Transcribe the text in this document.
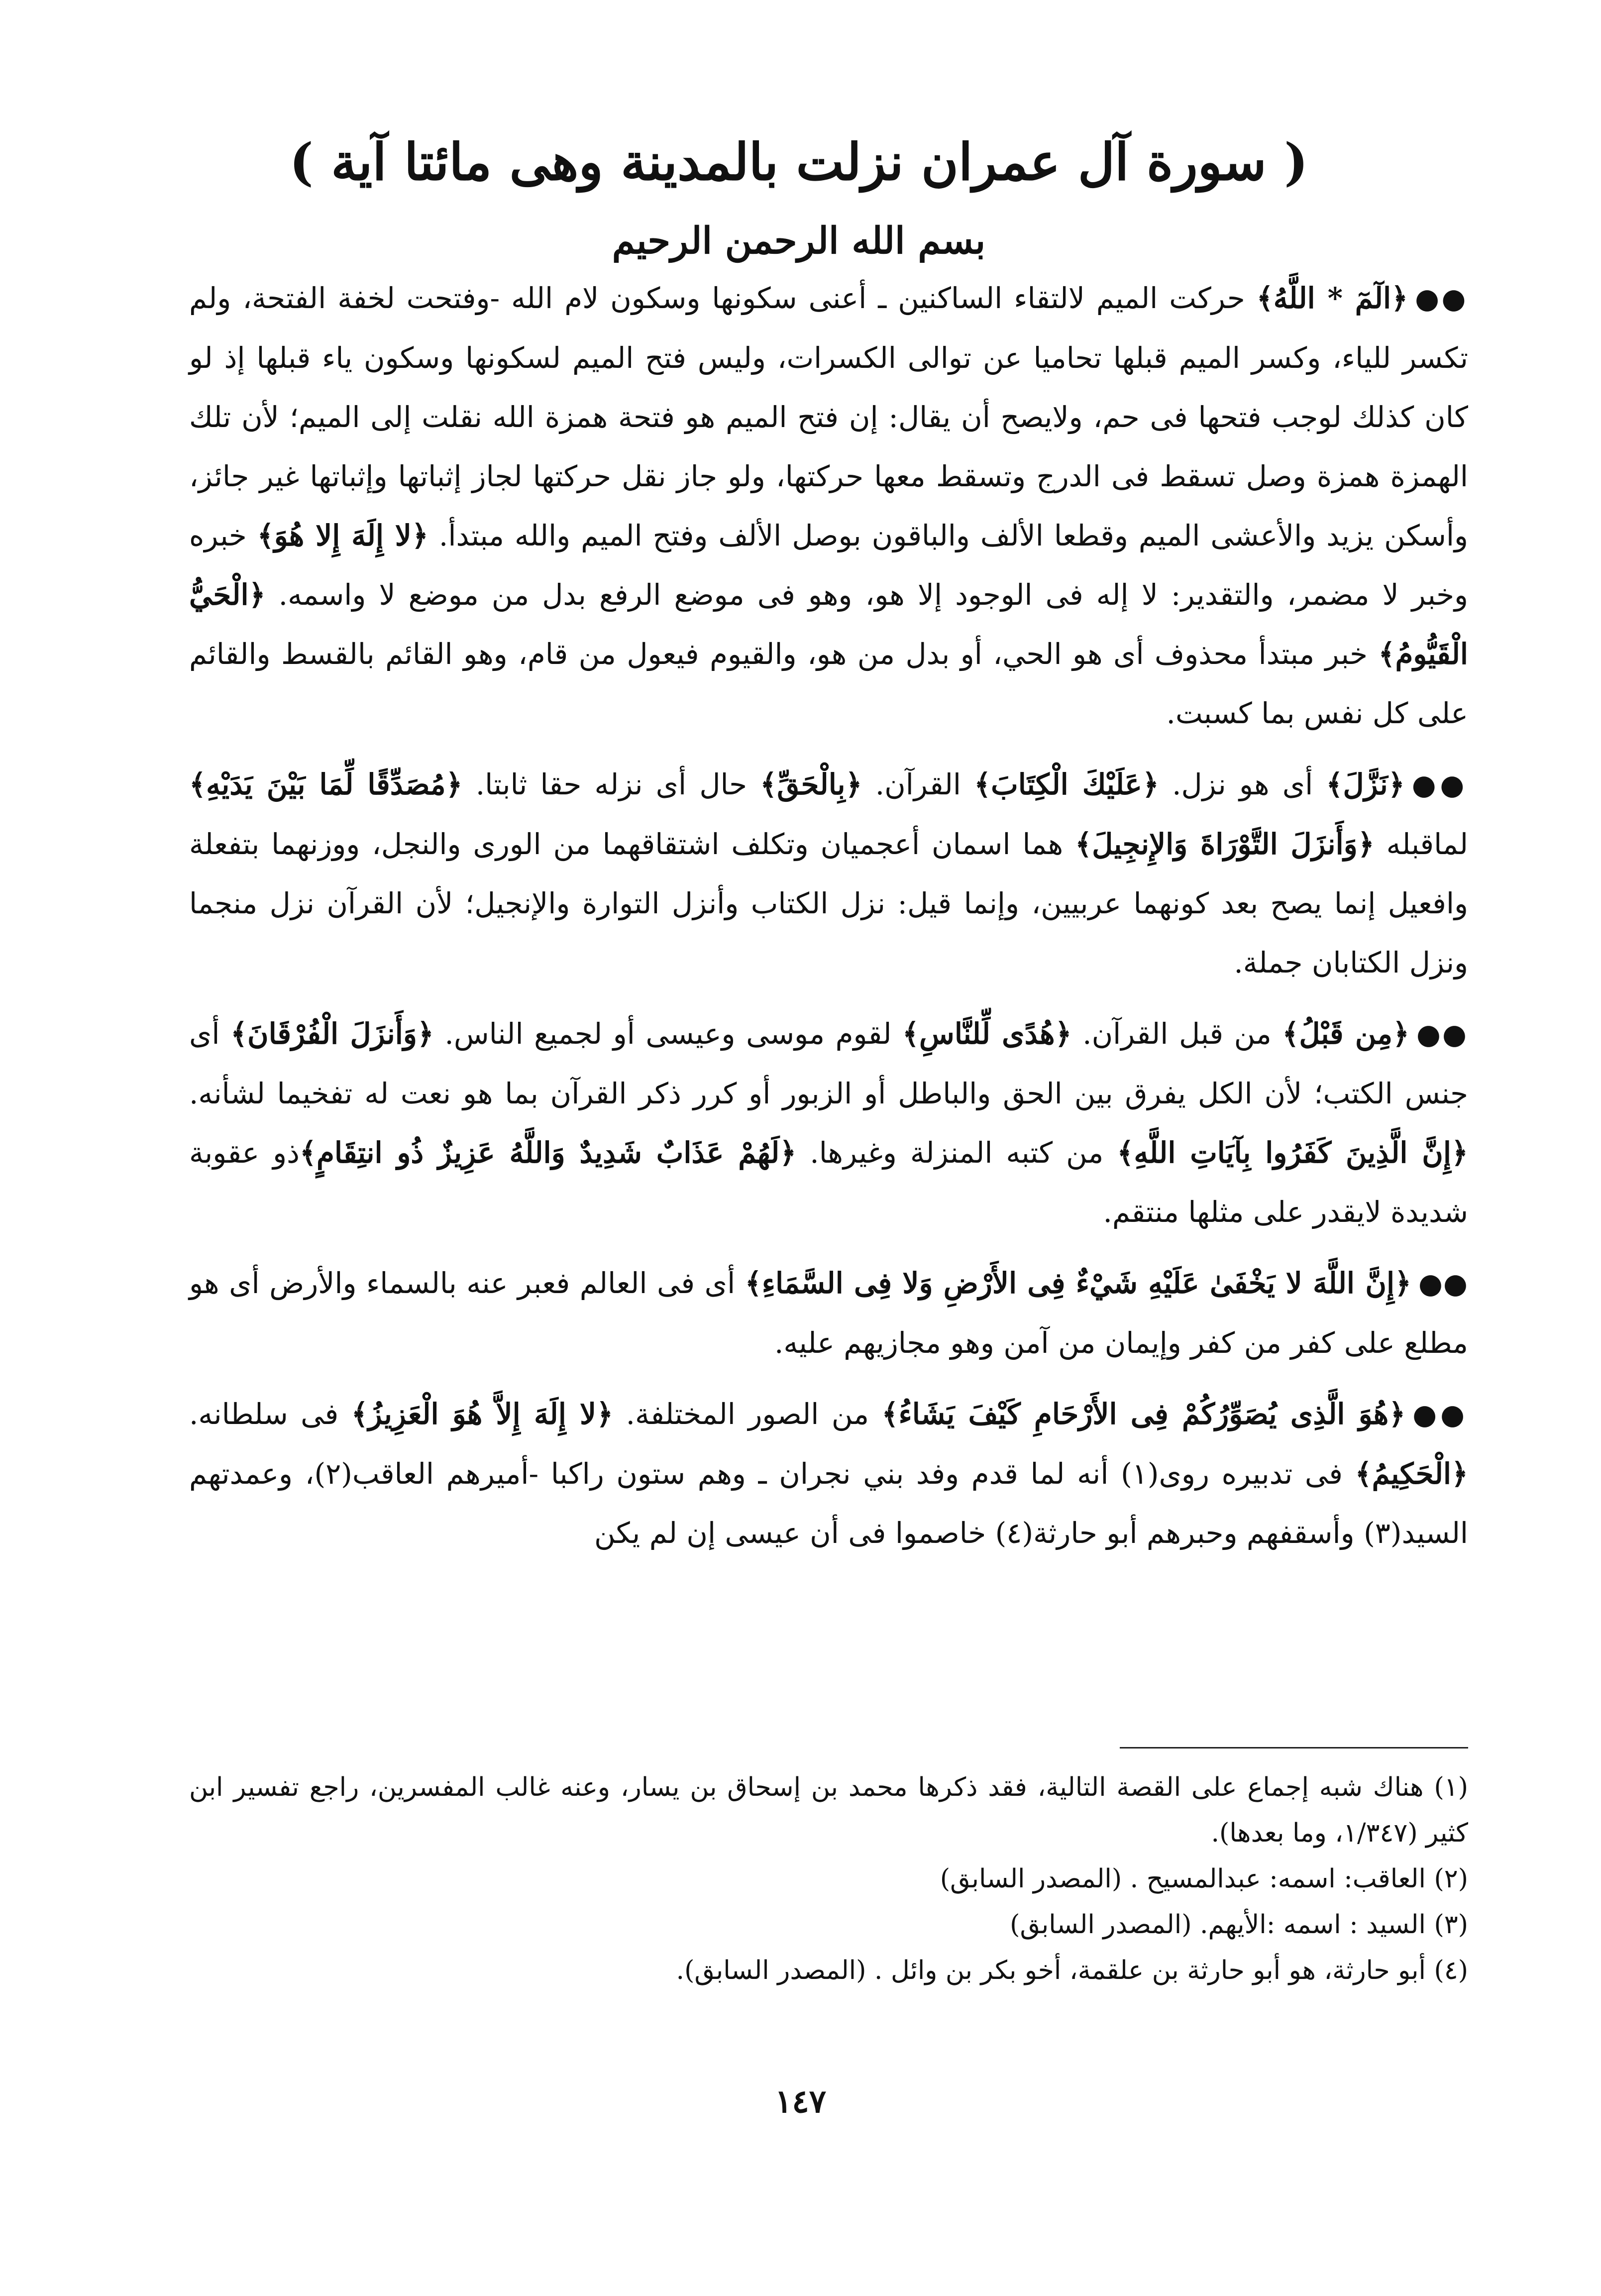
( سورة آل عمران نزلت بالمدينة وهى مائتا آية )
بسم الله الرحمن الرحيم

●●﴿الٓمٓ * اللَّهُ﴾ حركت الميم لالتقاء الساكنين ـ أعنى سكونها وسكون لام الله -وفتحت لخفة الفتحة، ولم تكسر للياء، وكسر الميم قبلها تحاميا عن توالى الكسرات، وليس فتح الميم لسكونها وسكون ياء قبلها إذ لو كان كذلك لوجب فتحها فى حم، ولايصح أن يقال: إن فتح الميم هو فتحة همزة الله نقلت إلى الميم؛ لأن تلك الهمزة همزة وصل تسقط فى الدرج وتسقط معها حركتها، ولو جاز نقل حركتها لجاز إثباتها وإثباتها غير جائز، وأسكن يزيد والأعشى الميم وقطعا الألف والباقون بوصل الألف وفتح الميم والله مبتدأ. ﴿لا إِلَهَ إِلا هُوَ﴾ خبره وخبر لا مضمر، والتقدير: لا إله فى الوجود إلا هو، وهو فى موضع الرفع بدل من موضع لا واسمه. ﴿الْحَيُّ الْقَيُّومُ﴾ خبر مبتدأ محذوف أى هو الحي، أو بدل من هو، والقيوم فيعول من قام، وهو القائم بالقسط والقائم على كل نفس بما كسبت.

●●﴿نَزَّلَ﴾ أى هو نزل. ﴿عَلَيْكَ الْكِتَابَ﴾ القرآن. ﴿بِالْحَقِّ﴾ حال أى نزله حقا ثابتا. ﴿مُصَدِّقًا لِّمَا بَيْنَ يَدَيْهِ﴾ لماقبله ﴿وَأَنزَلَ التَّوْرَاةَ وَالإِنجِيلَ﴾ هما اسمان أعجميان وتكلف اشتقاقهما من الورى والنجل، ووزنهما بتفعلة وافعيل إنما يصح بعد كونهما عربيين، وإنما قيل: نزل الكتاب وأنزل التوارة والإنجيل؛ لأن القرآن نزل منجما ونزل الكتابان جملة.

●●﴿مِن قَبْلُ﴾ من قبل القرآن. ﴿هُدًى لِّلنَّاسِ﴾ لقوم موسى وعيسى أو لجميع الناس. ﴿وَأَنزَلَ الْفُرْقَانَ﴾ أى جنس الكتب؛ لأن الكل يفرق بين الحق والباطل أو الزبور أو كرر ذكر القرآن بما هو نعت له تفخيما لشأنه. ﴿إِنَّ الَّذِينَ كَفَرُوا بِآيَاتِ اللَّهِ﴾ من كتبه المنزلة وغيرها. ﴿لَهُمْ عَذَابٌ شَدِيدٌ وَاللَّهُ عَزِيزٌ ذُو انتِقَامٍ﴾ذو عقوبة شديدة لايقدر على مثلها منتقم.

●●﴿إِنَّ اللَّهَ لا يَخْفَىٰ عَلَيْهِ شَيْءٌ فِى الأَرْضِ وَلا فِى السَّمَاءِ﴾ أى فى العالم فعبر عنه بالسماء والأرض أى هو مطلع على كفر من كفر وإيمان من آمن وهو مجازيهم عليه.

●●﴿هُوَ الَّذِى يُصَوِّرُكُمْ فِى الأَرْحَامِ كَيْفَ يَشَاءُ﴾ من الصور المختلفة. ﴿لا إِلَهَ إِلاَّ هُوَ الْعَزِيزُ﴾ فى سلطانه. ﴿الْحَكِيمُ﴾ فى تدبيره روى(١) أنه لما قدم وفد بني نجران ـ وهم ستون راكبا -أميرهم العاقب(٢)، وعمدتهم السيد(٣) وأسقفهم وحبرهم أبو حارثة(٤) خاصموا فى أن عيسى إن لم يكن

(١) هناك شبه إجماع على القصة التالية، فقد ذكرها محمد بن إسحاق بن يسار، وعنه غالب المفسرين، راجع تفسير ابن كثير (١/٣٤٧، وما بعدها).

(٢) العاقب: اسمه: عبدالمسيح . (المصدر السابق)

(٣) السيد : اسمه :الأيهم. (المصدر السابق)

(٤) أبو حارثة، هو أبو حارثة بن علقمة، أخو بكر بن وائل . (المصدر السابق).

١٤٧
